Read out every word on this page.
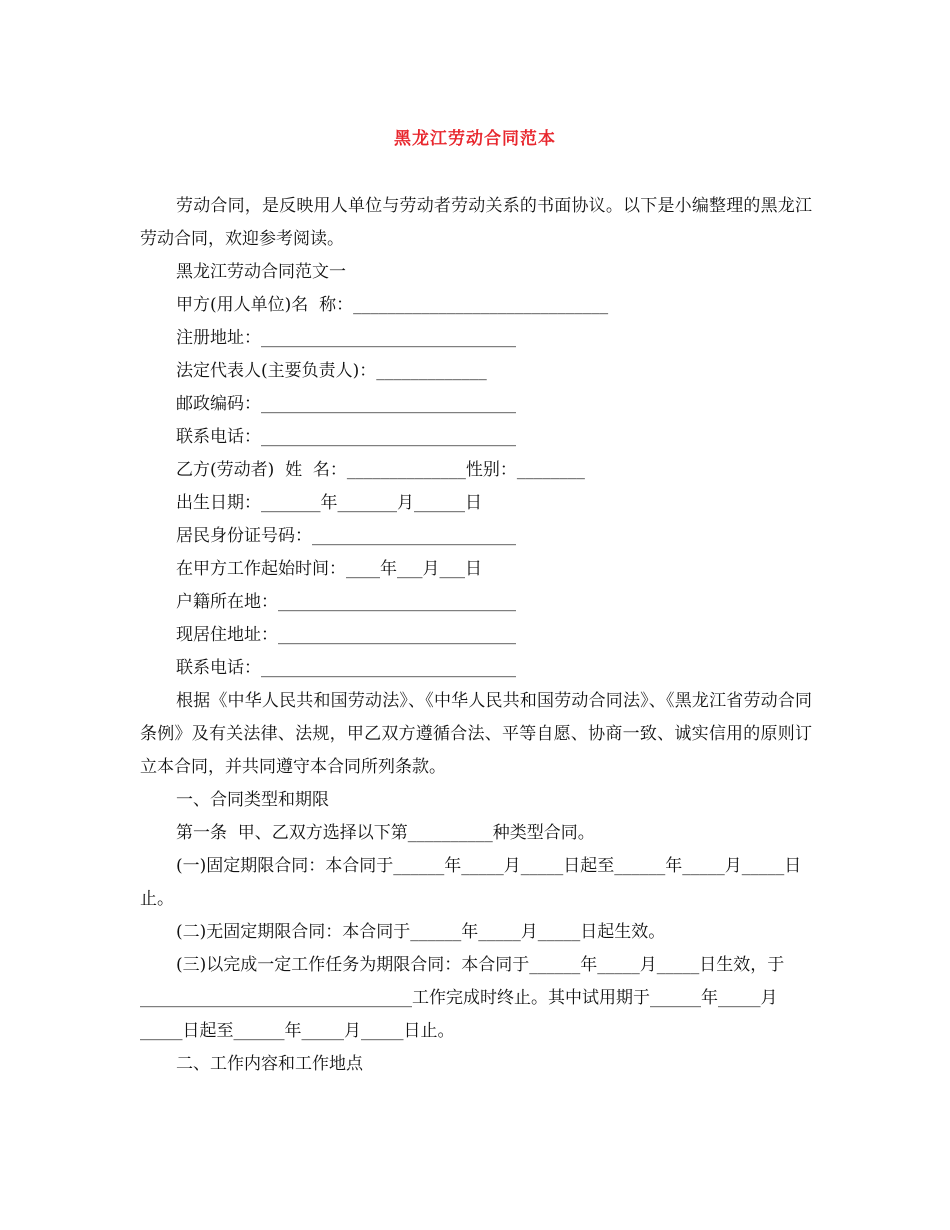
黑龙江劳动合同范本

劳动合同，是反映用人单位与劳动者劳动关系的书面协议。以下是小编整理的黑龙江劳动合同，欢迎参考阅读。

黑龙江劳动合同范文一

甲方(用人单位)名  称：______________________________

注册地址：______________________________

法定代表人(主要负责人)：_____________

邮政编码：______________________________

联系电话：______________________________

乙方(劳动者)  姓  名：______________性别：________

出生日期：_______年_______月______日

居民身份证号码：________________________

在甲方工作起始时间：____年___月___日

户籍所在地：____________________________

现居住地址：____________________________

联系电话：______________________________

根据《中华人民共和国劳动法》、《中华人民共和国劳动合同法》、《黑龙江省劳动合同条例》及有关法律、法规，甲乙双方遵循合法、平等自愿、协商一致、诚实信用的原则订立本合同，并共同遵守本合同所列条款。

一、合同类型和期限

第一条  甲、乙双方选择以下第__________种类型合同。

(一)固定期限合同：本合同于______年_____月_____日起至______年_____月_____日止。

(二)无固定期限合同：本合同于______年_____月_____日起生效。

(三)以完成一定工作任务为期限合同：本合同于______年_____月_____日生效，于________________________________工作完成时终止。其中试用期于______年_____月_____日起至______年_____月_____日止。

二、工作内容和工作地点
